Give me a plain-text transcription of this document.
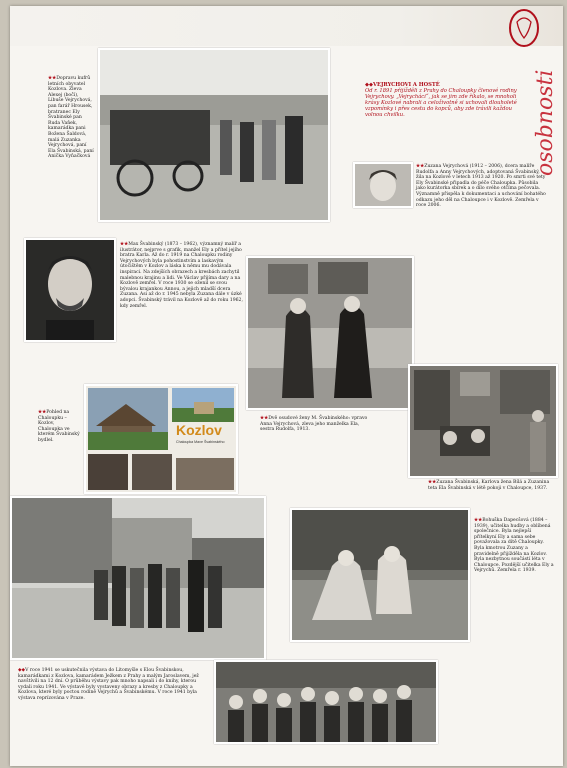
osobnosti
★★Dopravu kufrů letních obyvatel Kozlova. Zleva Alexej (bočí), Libuše Vejrychová, pan farář Hrousek, bratranec Ely Švabinské pan Ruda Vaňek, kamarádka pani Božena Šaldová, malá Zuzanka Vejrychová, paní Ela Švabinská, paní Anička Vyňačková
◆◆VEJRYCHOVI A HOSTÉ
Od r. 1891 přijížděli z Prahy do Chaloupky členové rodiny Vejrychovy. „Vejrycháci“, jak se jim zde říkalo, se mnoholi krásy Kozlové nabrali a celoživotně si uchovali dlouholeté vzpomínky i přes cestu do kopců, aby zde trávili každou volnou chvilku.
★★Zuzana Vejrychová (1912 – 2006), dcera malíře Rudolfa a Anny Vejrychových, adoptovaná Švabinský, žila na Kozlově v letech 1913 až 1920. Po smrti své tety Ely Švabinské připadla do péče Chaloupka. Působila jako kurátorka sbírek a o dílo svého otčíma pečovala. Významně přispěla k dokumentaci a uchování bohatého odkazu jeho děl na Chaloupce i v Kozlově. Zemřela v roce 2006.
★★Max Švabinský (1873 – 1962), významný malíř a ilustrátor, nejprve s grafik, manžel Ely a přítel jejího bratra Karla. Až do r. 1919 na Chaloupku rodiny Vejrychových byla pohostinstvím a laskavým útočištěm v Kozlov a láska k němu mu dodávala inspiraci. Na zdejších obrazech a kresbách zachytil malebnou krajinu a lidi. Ve Václav přijíma dary a na Kozlově zemřel. V roce 1930 se oženil se svou bývalou krajankou Annou, a jejich mladší dcera Zuzana. Asi až do r. 1945 nebyla Zuzana dále v úzké adopci. Švabinský trávil na Kozlově až do roku 1962, kdy zemřel.
★★Dvě osudové ženy M. Švabinského: vpravo Anna Vejrychová, zleva jeho manželka Ela, sestra Rudolfa, 1913.
Kozlov
Chaloupka Maxe Švabinského
★★Pohled na Chaloupku – Kozlov, Chaloupka ve kterém Švabinský bydlel.
★★Zuzana Švabinská, Karlova žena Bílá a Zuzanina teta Ela Švabinská v létě pokoji v Chaloupce, 1937.
★★Bohuška Dapecšová (1884 – 1939), učitelka hudby a oblíbená společnice. Byla nejlepší přítelkyní Ely a sama sebe považovala za dítě Chaloupky. Byla kmotrou Zuzany a pravidelně přijížděla na Kozlov. Byla nezbytnou součástí léta v Chaloupce. Pozdější učitelka Ely a Vejrychů. Zemřela r. 1939.
◆◆V roce 1941 se uskutečnila výstava do Litomyšle s Elou Švabinskou, kamarádkami z Kozlova, kamarádem Ježkem z Prahy a malým Jaroslavem, jež navštívili na 12 dní. O průběhu výstavy pak mnoho napsali i do knihy, kterou vydali roku 1941. Ve výstavě byly vystaveny obrazy a kresby z Chaloupky a Kozlova, které byly poctou rodině Vejrychů a Švabinskému. V roce 1941 byla výstava reprízována v Praze.
